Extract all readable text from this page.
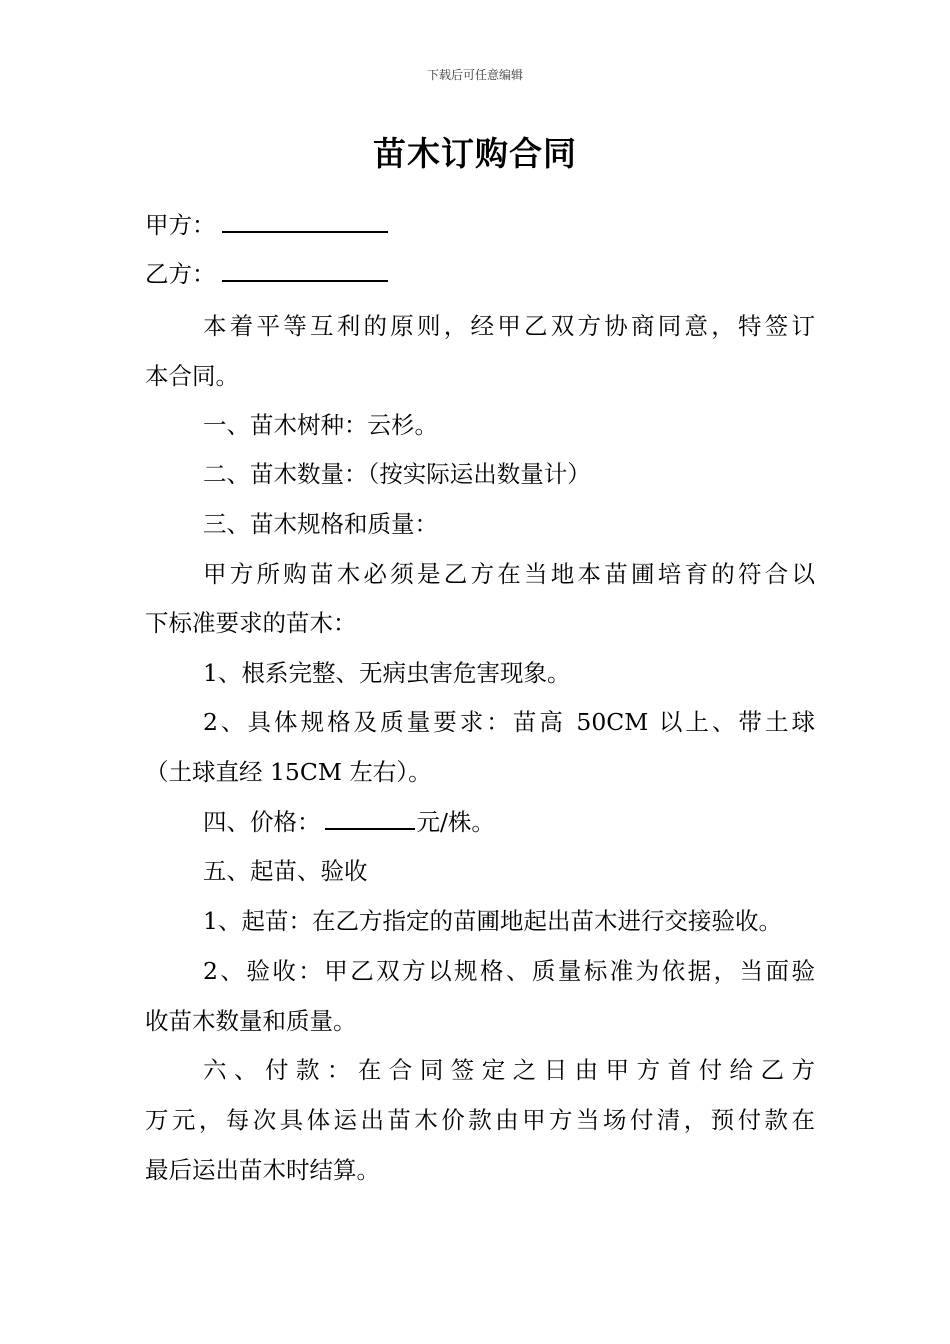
下载后可任意编辑
苗木订购合同
甲方：
乙方：
本着平等互利的原则，经甲乙双方协商同意，特签订
本合同。
一、苗木树种：云杉。
二、苗木数量：（按实际运出数量计）
三、苗木规格和质量：
甲方所购苗木必须是乙方在当地本苗圃培育的符合以
下标准要求的苗木：
1、根系完整、无病虫害危害现象。
2、具体规格及质量要求：苗高 50CM 以上、带土球
（土球直经 15CM 左右）。
四、价格：	元/株。
五、起苗、验收
1、起苗：在乙方指定的苗圃地起出苗木进行交接验收。
2、验收：甲乙双方以规格、质量标准为依据，当面验
收苗木数量和质量。
六、付款：在合同签定之日由甲方首付给乙方
万元，每次具体运出苗木价款由甲方当场付清，预付款在
最后运出苗木时结算。
